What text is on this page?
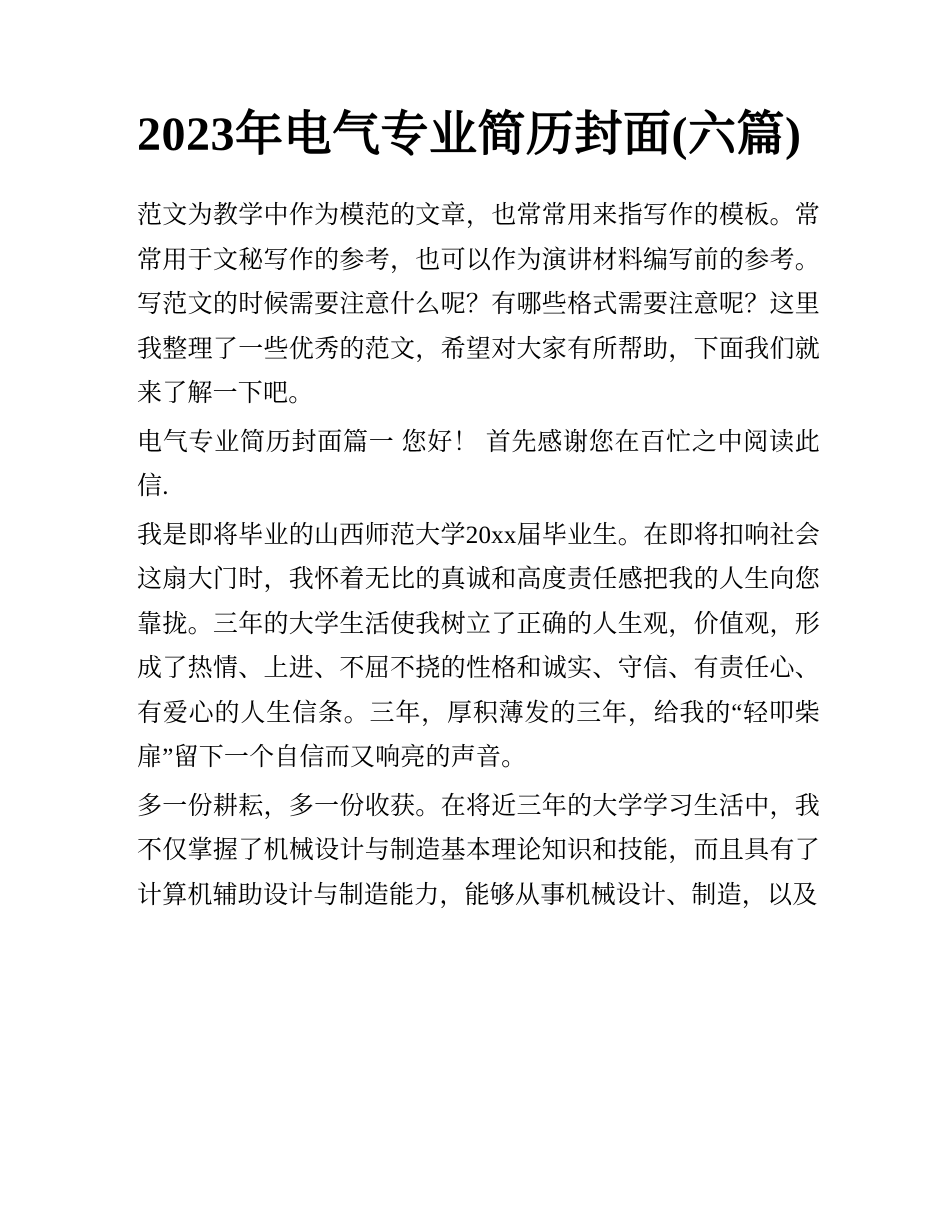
2023年电气专业简历封面(六篇)

范文为教学中作为模范的文章，也常常用来指写作的模板。常常用于文秘写作的参考，也可以作为演讲材料编写前的参考。写范文的时候需要注意什么呢？有哪些格式需要注意呢？这里我整理了一些优秀的范文，希望对大家有所帮助，下面我们就来了解一下吧。

电气专业简历封面篇一 您好！ 首先感谢您在百忙之中阅读此信.

我是即将毕业的山西师范大学20xx届毕业生。在即将扣响社会这扇大门时，我怀着无比的真诚和高度责任感把我的人生向您靠拢。三年的大学生活使我树立了正确的人生观，价值观，形成了热情、上进、不屈不挠的性格和诚实、守信、有责任心、有爱心的人生信条。三年，厚积薄发的三年，给我的“轻叩柴扉”留下一个自信而又响亮的声音。

多一份耕耘，多一份收获。在将近三年的大学学习生活中，我不仅掌握了机械设计与制造基本理论知识和技能，而且具有了计算机辅助设计与制造能力，能够从事机械设计、制造，以及
